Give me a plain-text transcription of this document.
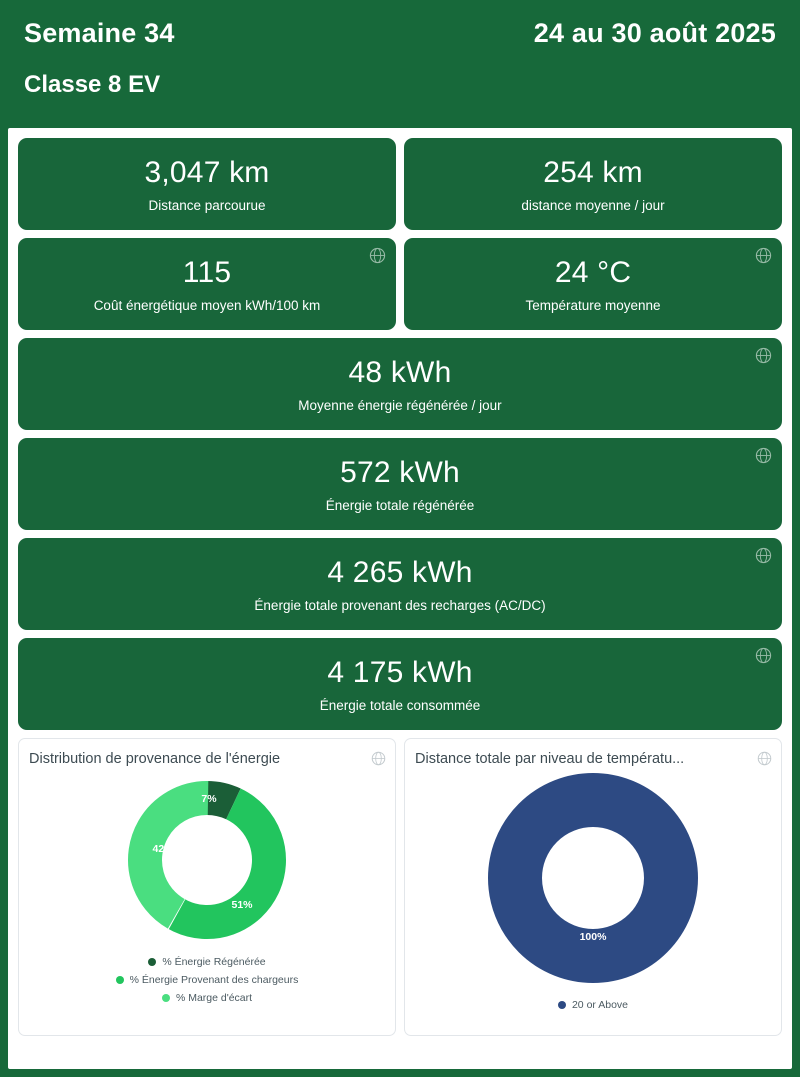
Semaine 34	24 au 30 août 2025
Classe 8 EV
3,047 km
Distance parcourue
254 km
distance moyenne / jour
115
Coût énergétique moyen kWh/100 km
24 °C
Température moyenne
48 kWh
Moyenne énergie régénérée / jour
572 kWh
Énergie totale régénérée
4 265 kWh
Énergie totale provenant des recharges (AC/DC)
4 175 kWh
Énergie totale consommée
Distribution de provenance de l'énergie
7%
51%
42%
% Énergie Régénérée
% Énergie Provenant des chargeurs
% Marge d'écart
Distance totale par niveau de températu...
100%
20 or Above
